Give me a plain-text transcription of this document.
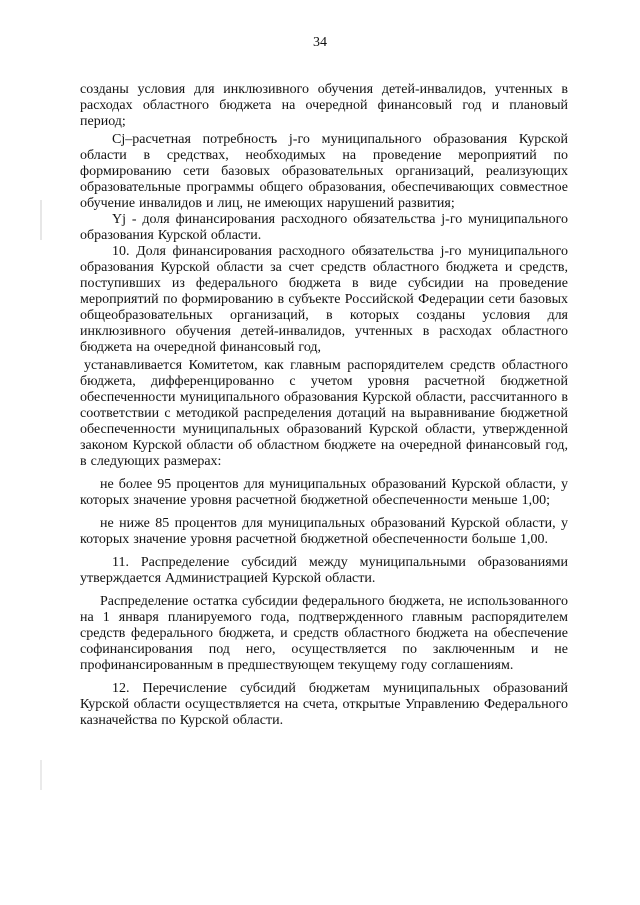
34

созданы условия для инклюзивного обучения детей-инвалидов, учтенных в расходах областного бюджета на очередной финансовый год и плановый период;

Cj–расчетная потребность j-го муниципального образования Курской области в средствах, необходимых на проведение мероприятий по формированию сети базовых образовательных организаций, реализующих образовательные программы общего образования, обеспечивающих совместное обучение инвалидов и лиц, не имеющих нарушений развития;

Yj - доля финансирования расходного обязательства j-го муниципального образования Курской области.

10. Доля финансирования расходного обязательства j-го муниципального образования Курской области за счет средств областного бюджета и средств, поступивших из федерального бюджета в виде субсидии на проведение мероприятий по формированию в субъекте Российской Федерации сети базовых общеобразовательных организаций, в которых созданы условия для инклюзивного обучения детей-инвалидов, учтенных в расходах областного бюджета на очередной финансовый год,

устанавливается Комитетом, как главным распорядителем средств областного бюджета, дифференцированно с учетом уровня расчетной бюджетной обеспеченности муниципального образования Курской области, рассчитанного в соответствии с методикой распределения дотаций на выравнивание бюджетной обеспеченности муниципальных образований Курской области, утвержденной законом Курской области об областном бюджете на очередной финансовый год, в следующих размерах:

не более 95 процентов для муниципальных образований Курской области, у которых значение уровня расчетной бюджетной обеспеченности меньше 1,00;

не ниже 85 процентов для муниципальных образований Курской области, у которых значение уровня расчетной бюджетной обеспеченности больше 1,00.

11. Распределение субсидий между муниципальными образованиями утверждается Администрацией Курской области.

Распределение остатка субсидии федерального бюджета, не использованного на 1 января планируемого года, подтвержденного главным распорядителем средств федерального бюджета, и средств областного бюджета на обеспечение софинансирования под него, осуществляется по заключенным и не профинансированным в предшествующем текущему году соглашениям.

12. Перечисление субсидий бюджетам муниципальных образований Курской области осуществляется на счета, открытые Управлению Федерального казначейства по Курской области.
